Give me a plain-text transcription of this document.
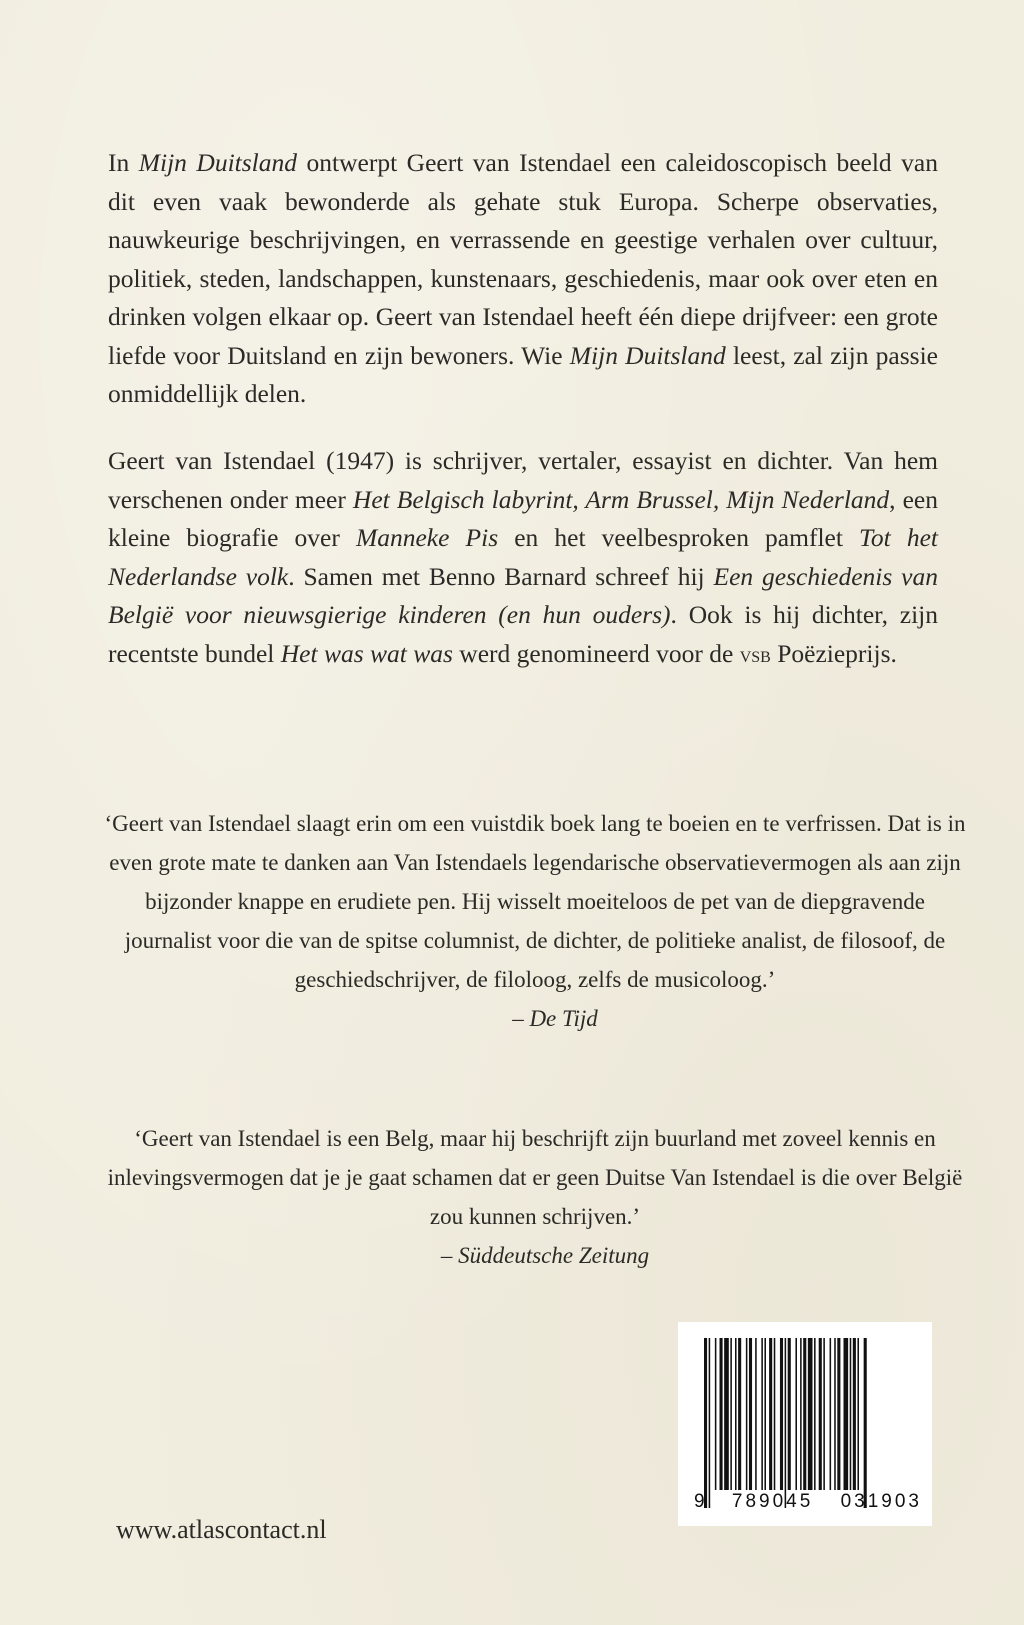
In Mijn Duitsland ontwerpt Geert van Istendael een caleidoscopisch beeld van dit even vaak bewonderde als gehate stuk Europa. Scherpe observaties, nauwkeurige beschrijvingen, en verrassende en geestige verhalen over cultuur, politiek, steden, landschappen, kunstenaars, geschiedenis, maar ook over eten en drinken volgen elkaar op. Geert van Istendael heeft één diepe drijfveer: een grote liefde voor Duitsland en zijn bewoners. Wie Mijn Duitsland leest, zal zijn passie onmiddellijk delen.

Geert van Istendael (1947) is schrijver, vertaler, essayist en dichter. Van hem verschenen onder meer Het Belgisch labyrint, Arm Brussel, Mijn Nederland, een kleine biografie over Manneke Pis en het veelbesproken pamflet Tot het Nederlandse volk. Samen met Benno Barnard schreef hij Een geschiedenis van België voor nieuwsgierige kinderen (en hun ouders). Ook is hij dichter, zijn recentste bundel Het was wat was werd genomineerd voor de vsb Poëzieprijs.

‘Geert van Istendael slaagt erin om een vuistdik boek lang te boeien en te verfrissen. Dat is in even grote mate te danken aan Van Istendaels legendarische observatievermogen als aan zijn bijzonder knappe en erudiete pen. Hij wisselt moeiteloos de pet van de diepgravende journalist voor die van de spitse columnist, de dichter, de politieke analist, de filosoof, de geschiedschrijver, de filoloog, zelfs de musicoloog.’
– De Tijd
‘Geert van Istendael is een Belg, maar hij beschrijft zijn buurland met zoveel kennis en inlevingsvermogen dat je je gaat schamen dat er geen Duitse Van Istendael is die over België zou kunnen schrijven.’
– Süddeutsche Zeitung
www.atlascontact.nl
9 789045 031903
